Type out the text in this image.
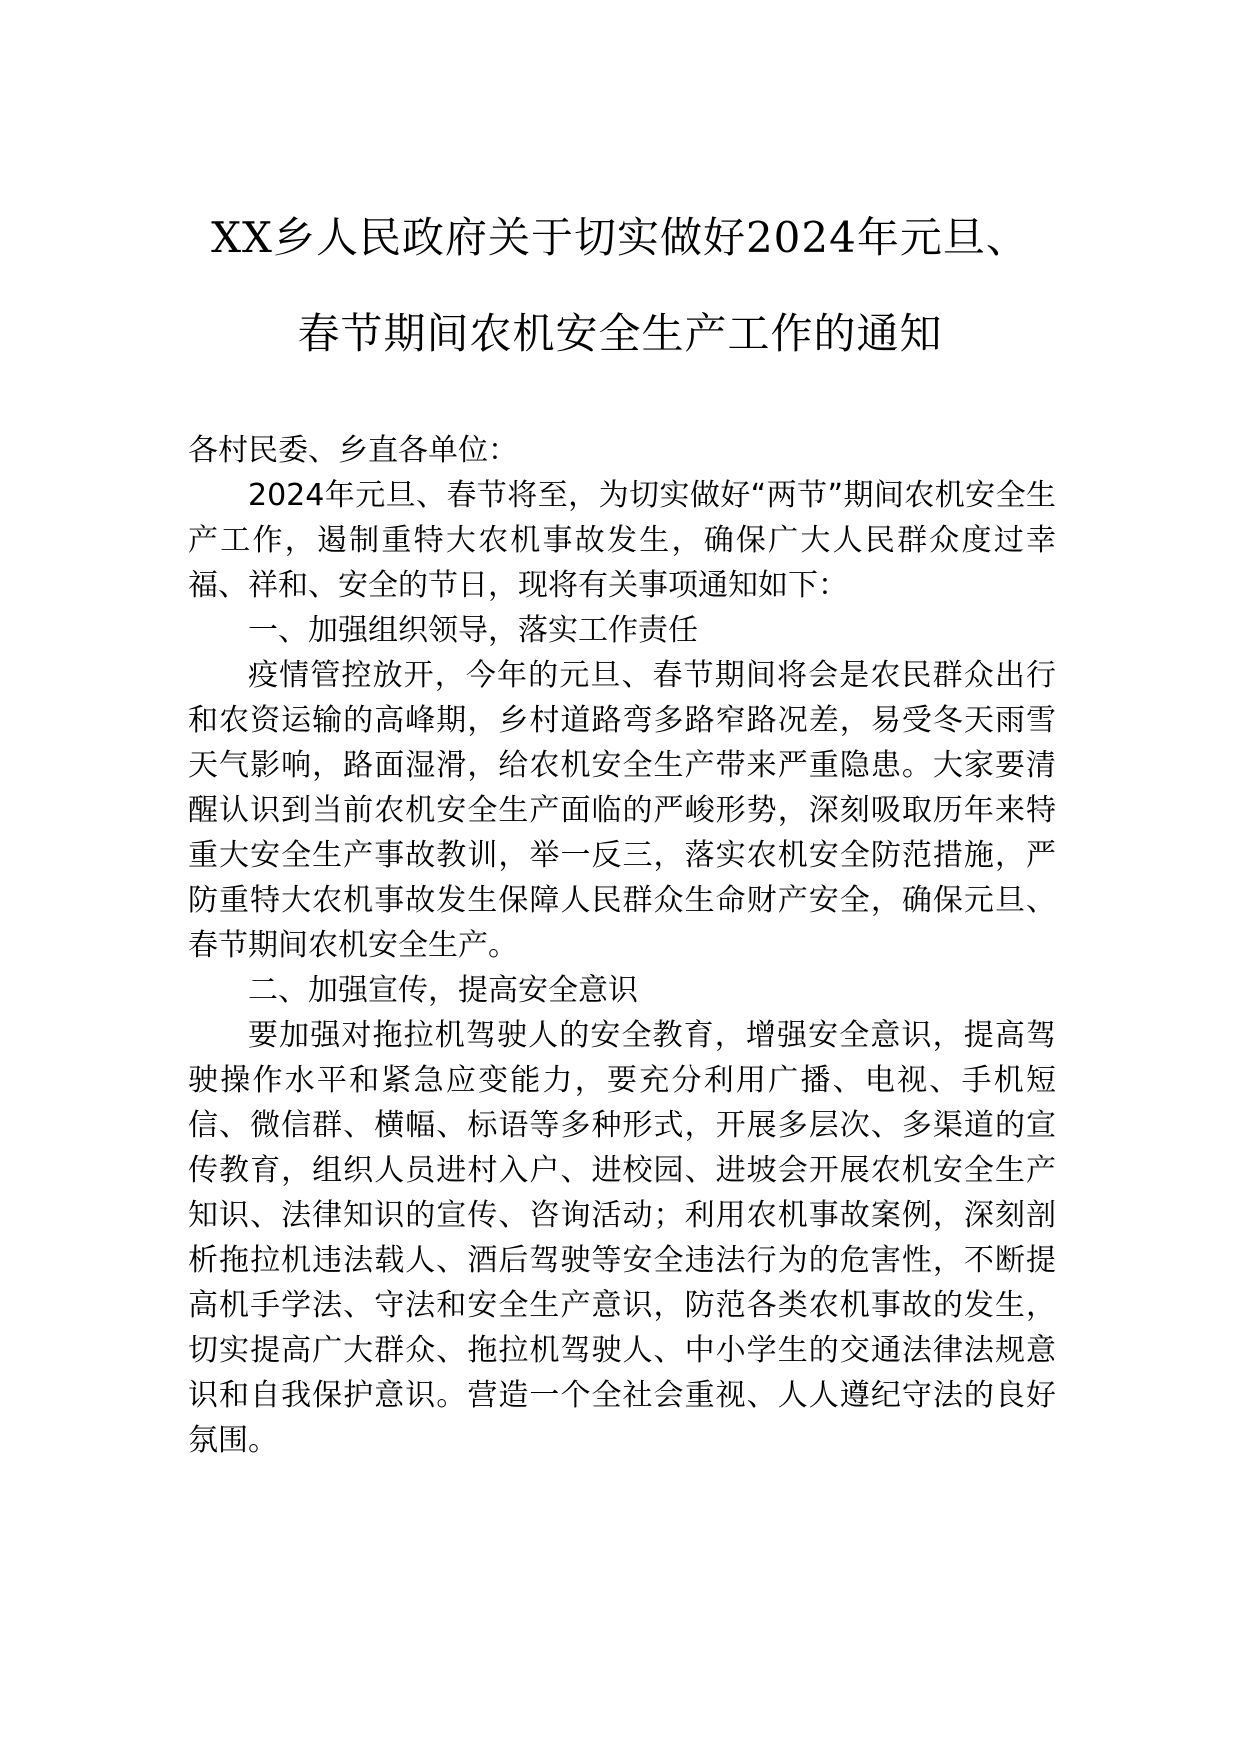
XX乡人民政府关于切实做好2024年元旦、
春节期间农机安全生产工作的通知

各村民委、乡直各单位：

2024年元旦、春节将至，为切实做好“两节”期间农机安全生产工作，遏制重特大农机事故发生，确保广大人民群众度过幸福、祥和、安全的节日，现将有关事项通知如下：

一、加强组织领导，落实工作责任

疫情管控放开，今年的元旦、春节期间将会是农民群众出行和农资运输的高峰期，乡村道路弯多路窄路况差，易受冬天雨雪天气影响，路面湿滑，给农机安全生产带来严重隐患。大家要清醒认识到当前农机安全生产面临的严峻形势，深刻吸取历年来特重大安全生产事故教训，举一反三，落实农机安全防范措施，严防重特大农机事故发生保障人民群众生命财产安全，确保元旦、春节期间农机安全生产。

二、加强宣传，提高安全意识

要加强对拖拉机驾驶人的安全教育，增强安全意识，提高驾驶操作水平和紧急应变能力，要充分利用广播、电视、手机短信、微信群、横幅、标语等多种形式，开展多层次、多渠道的宣传教育，组织人员进村入户、进校园、进坡会开展农机安全生产知识、法律知识的宣传、咨询活动；利用农机事故案例，深刻剖析拖拉机违法载人、酒后驾驶等安全违法行为的危害性，不断提高机手学法、守法和安全生产意识，防范各类农机事故的发生，切实提高广大群众、拖拉机驾驶人、中小学生的交通法律法规意识和自我保护意识。营造一个全社会重视、人人遵纪守法的良好氛围。
